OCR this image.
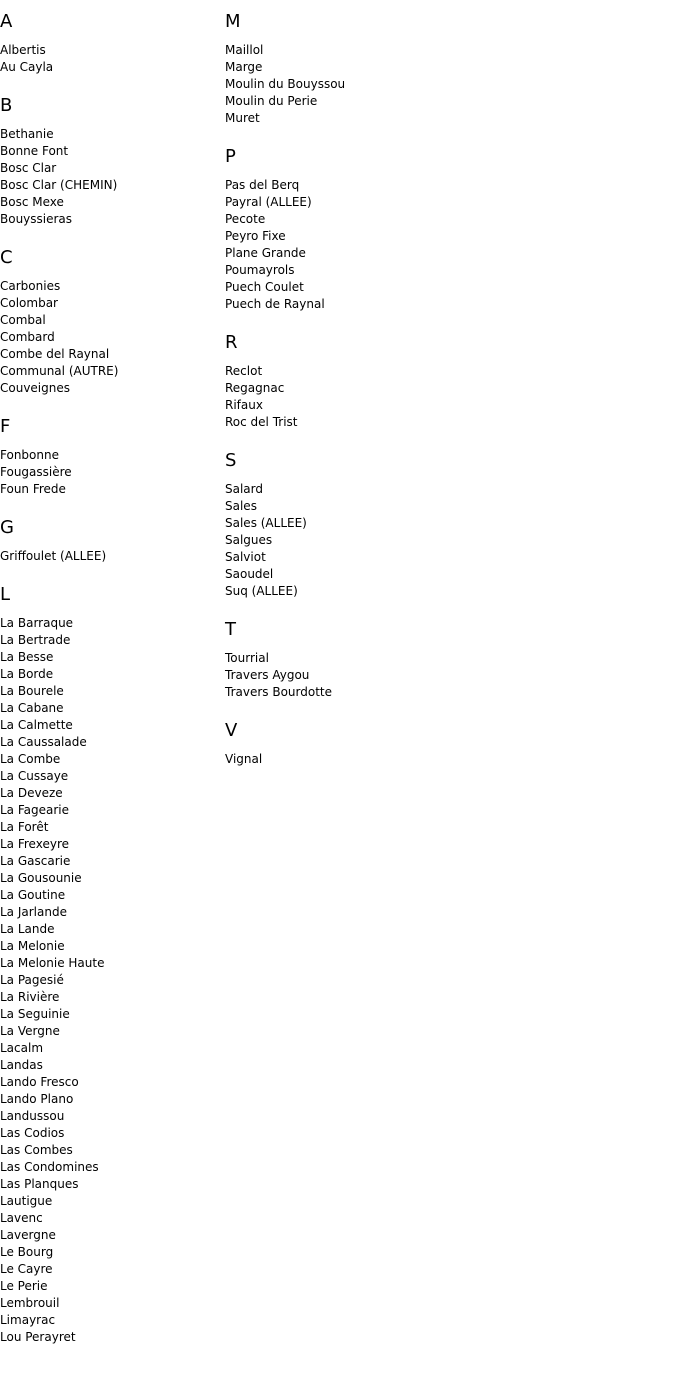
A
Albertis
Au Cayla
B
Bethanie
Bonne Font
Bosc Clar
Bosc Clar (CHEMIN)
Bosc Mexe
Bouyssieras
C
Carbonies
Colombar
Combal
Combard
Combe del Raynal
Communal (AUTRE)
Couveignes
F
Fonbonne
Fougassière
Foun Frede
G
Griffoulet (ALLEE)
L
La Barraque
La Bertrade
La Besse
La Borde
La Bourele
La Cabane
La Calmette
La Caussalade
La Combe
La Cussaye
La Deveze
La Fagearie
La Forêt
La Frexeyre
La Gascarie
La Gousounie
La Goutine
La Jarlande
La Lande
La Melonie
La Melonie Haute
La Pagesié
La Rivière
La Seguinie
La Vergne
Lacalm
Landas
Lando Fresco
Lando Plano
Landussou
Las Codios
Las Combes
Las Condomines
Las Planques
Lautigue
Lavenc
Lavergne
Le Bourg
Le Cayre
Le Perie
Lembrouil
Limayrac
Lou Perayret
M
Maillol
Marge
Moulin du Bouyssou
Moulin du Perie
Muret
P
Pas del Berq
Payral (ALLEE)
Pecote
Peyro Fixe
Plane Grande
Poumayrols
Puech Coulet
Puech de Raynal
R
Reclot
Regagnac
Rifaux
Roc del Trist
S
Salard
Sales
Sales (ALLEE)
Salgues
Salviot
Saoudel
Suq (ALLEE)
T
Tourrial
Travers Aygou
Travers Bourdotte
V
Vignal
